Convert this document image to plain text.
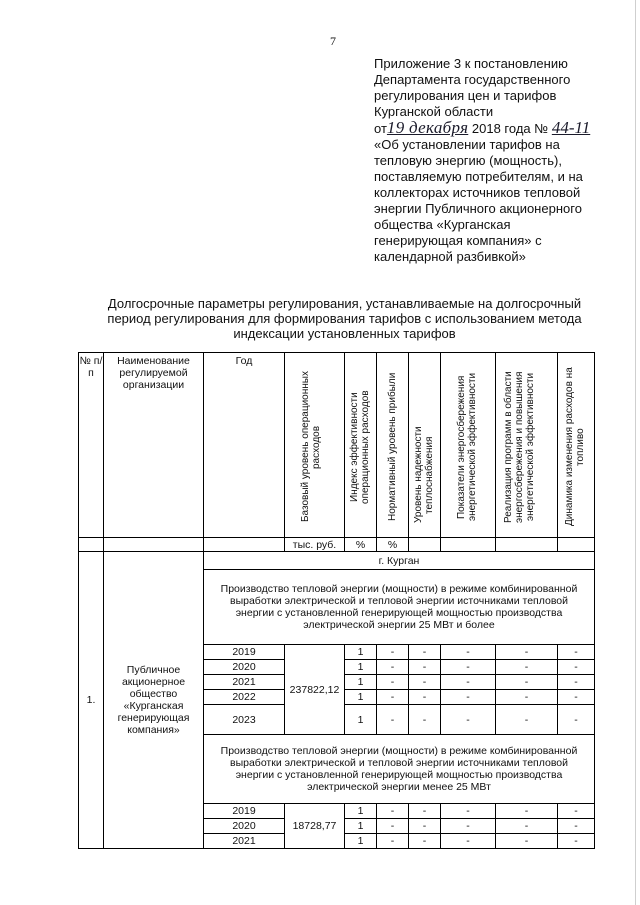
7
Приложение 3 к постановлению
Департамента государственного
регулирования цен и тарифов
Курганской области
от19 декабря 2018 года № 44-11
«Об установлении тарифов на
тепловую энергию (мощность),
поставляемую потребителям, и на
коллекторах источников тепловой
энергии Публичного акционерного
общества «Курганская
генерирующая компания» с
календарной разбивкой»
Долгосрочные параметры регулирования, устанавливаемые на долгосрочный
период регулирования для формирования тарифов с использованием метода
индексации установленных тарифов
№ п/п	Наименование регулируемой организации	Год	Базовый уровень операционных расходов	Индекс эффективности операционных расходов	Нормативный уровень прибыли	Уровень надежности теплоснабжения	Показатели энергосбережения энергетической эффективности	Реализация программ в области энергосбережения и повышения энергетической эффективности	Динамика изменения расходов на топливо

			тыс. руб.	%	%				
1.	Публичное акционерное общество «Курганская генерирующая компания»	г. Курган							
		Производство тепловой энергии (мощности) в режиме комбинированной выработки электрической и тепловой энергии источниками тепловой энергии с установленной генерирующей мощностью производства электрической энергии 25 МВт и более							
		2019	237822,12	1	-	-	-	-	-
		2020		1	-	-	-	-	-
		2021		1	-	-	-	-	-
		2022		1	-	-	-	-	-
		2023		1	-	-	-	-	-
		Производство тепловой энергии (мощности) в режиме комбинированной выработки электрической и тепловой энергии источниками тепловой энергии с установленной генерирующей мощностью производства электрической энергии менее 25 МВт							
		2019	18728,77	1	-	-	-	-	-
		2020		1	-	-	-	-	-
		2021		1	-	-	-	-	-
